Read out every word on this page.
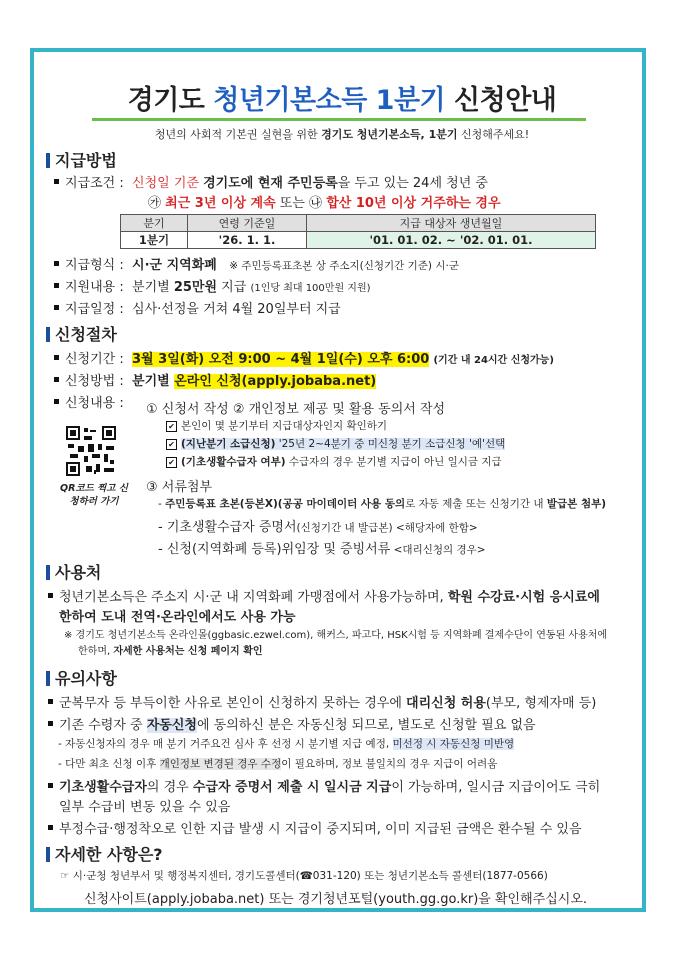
경기도 청년기본소득 1분기 신청안내
청년의 사회적 기본권 실현을 위한 경기도 청년기본소득, 1분기 신청해주세요!
지급방법
지급조건 : 신청일 기준 경기도에 현재 주민등록을 두고 있는 24세 청년 중
㉮ 최근 3년 이상 계속 또는 ㉯ 합산 10년 이상 거주하는 경우
분기	연령 기준일	지급 대상자 생년월일
1분기	'26. 1. 1.	'01. 01. 02. ~ '02. 01. 01.
지급형식 : 시·군 지역화폐 ※ 주민등록표초본 상 주소지(신청기간 기준) 시·군
지원내용 : 분기별 25만원 지급 (1인당 최대 100만원 지원)
지급일정 : 심사·선정을 거쳐 4월 20일부터 지급
신청절차
신청기간 : 3월 3일(화) 오전 9:00 ~ 4월 1일(수) 오후 6:00 (기간 내 24시간 신청가능)
신청방법 : 분기별 온라인 신청(apply.jobaba.net)
신청내용 : ① 신청서 작성 ② 개인정보 제공 및 활용 동의서 작성
✔ 본인이 몇 분기부터 지급대상자인지 확인하기
✔ (지난분기 소급신청) '25년 2~4분기 중 미신청 분기 소급신청 '예'선택
✔ (기초생활수급자 여부) 수급자의 경우 분기별 지급이 아닌 일시금 지급
QR코드 찍고 신청하러 가기
③ 서류첨부
- 주민등록표 초본(등본X)(공공 마이데이터 사용 동의로 자동 제출 또는 신청기간 내 발급본 첨부)
- 기초생활수급자 증명서(신청기간 내 발급본) <해당자에 한함>
- 신청(지역화폐 등록)위임장 및 증빙서류 <대리신청의 경우>
사용처
청년기본소득은 주소지 시·군 내 지역화폐 가맹점에서 사용가능하며, 학원 수강료·시험 응시료에
한하여 도내 전역·온라인에서도 사용 가능
※ 경기도 청년기본소득 온라인몰(ggbasic.ezwel.com), 해커스, 파고다, HSK시험 등 지역화폐 결제수단이 연동된 사용처에
한하며, 자세한 사용처는 신청 페이지 확인
유의사항
군복무자 등 부득이한 사유로 본인이 신청하지 못하는 경우에 대리신청 허용(부모, 형제자매 등)
기존 수령자 중 자동신청에 동의하신 분은 자동신청 되므로, 별도로 신청할 필요 없음
- 자동신청자의 경우 매 분기 거주요건 심사 후 선정 시 분기별 지급 예정, 미선정 시 자동신청 미반영
- 다만 최초 신청 이후 개인정보 변경된 경우 수정이 필요하며, 정보 불일치의 경우 지급이 어려움
기초생활수급자의 경우 수급자 증명서 제출 시 일시금 지급이 가능하며, 일시금 지급이어도 극히
일부 수급비 변동 있을 수 있음
부정수급·행정착오로 인한 지급 발생 시 지급이 중지되며, 이미 지급된 금액은 환수될 수 있음
자세한 사항은?
☞ 시·군청 청년부서 및 행정복지센터, 경기도콜센터(☎031-120) 또는 청년기본소득 콜센터(1877-0566)
신청사이트(apply.jobaba.net) 또는 경기청년포털(youth.gg.go.kr)을 확인해주십시오.
